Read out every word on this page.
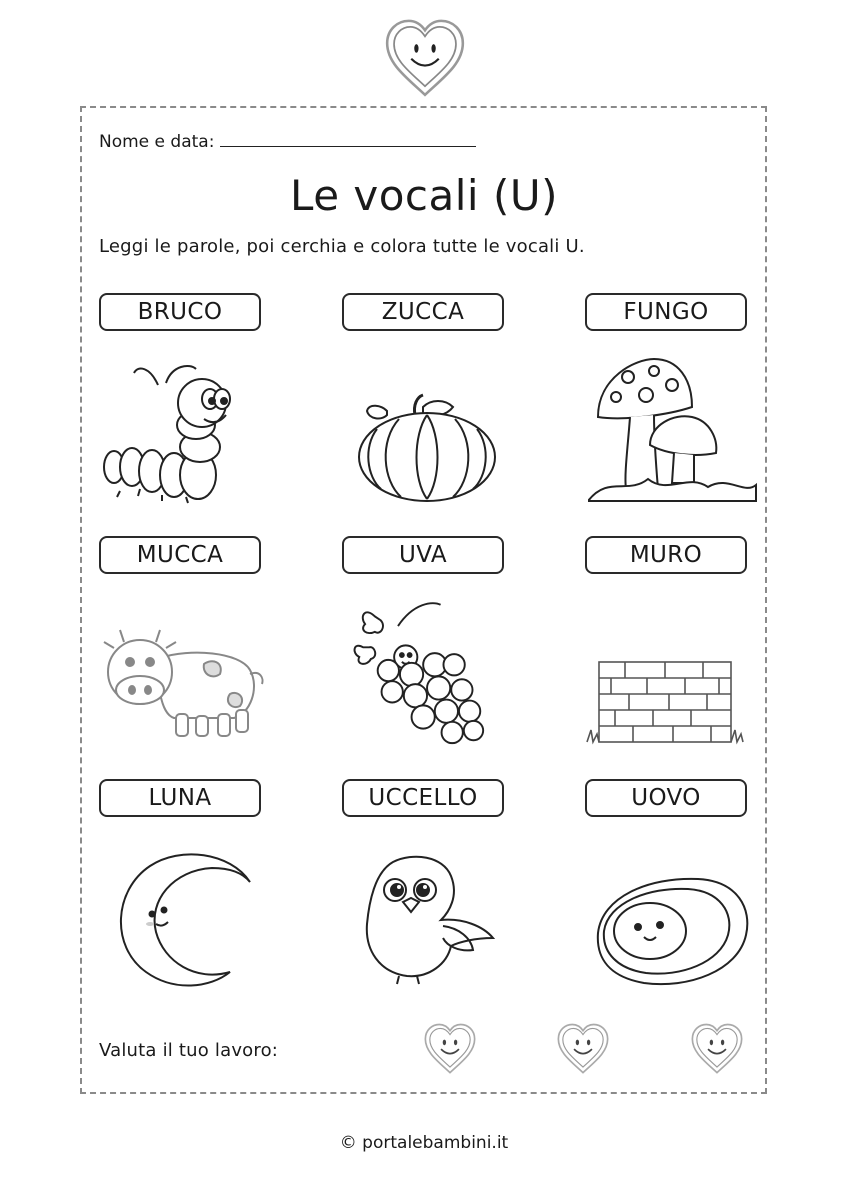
Nome e data:
Le vocali (U)
Leggi le parole, poi cerchia e colora tutte le vocali U.
BRUCO	ZUCCA	FUNGO
MUCCA	UVA	MURO
LUNA	UCCELLO	UOVO
Valuta il tuo lavoro:
© portalebambini.it
